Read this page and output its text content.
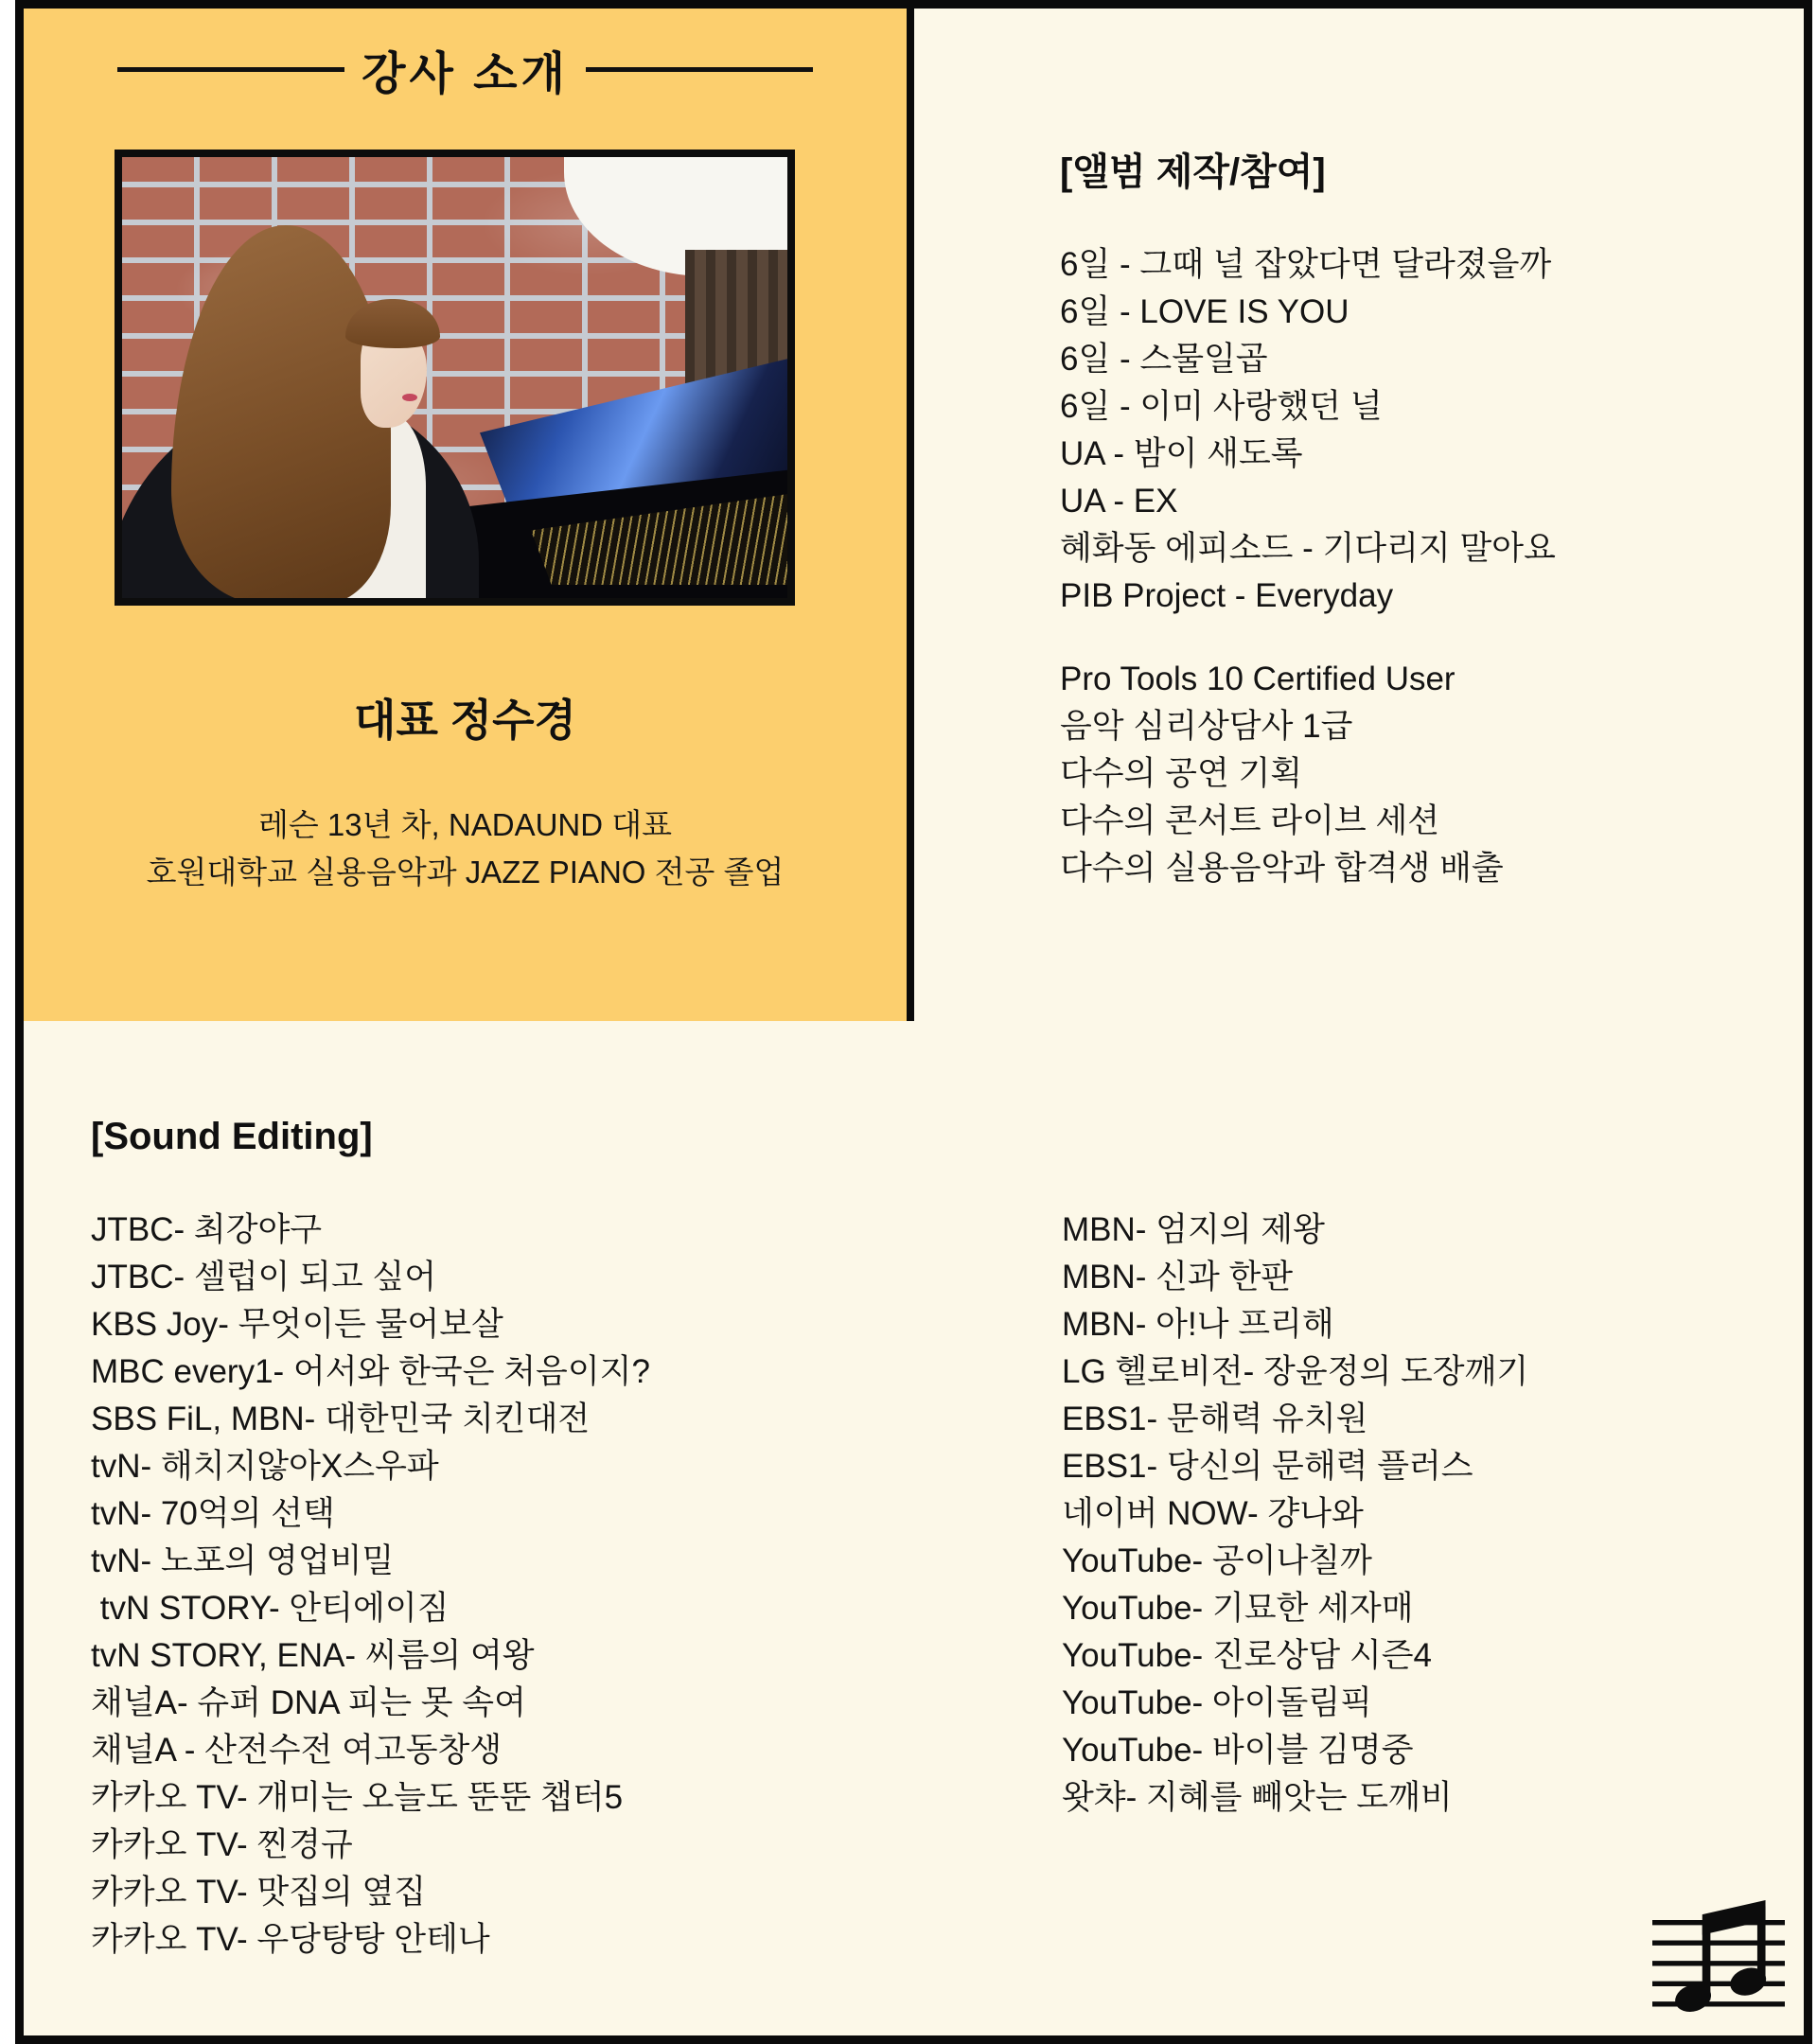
강사 소개
대표 정수경
레슨 13년 차, NADAUND 대표
호원대학교 실용음악과 JAZZ PIANO 전공 졸업
[앨범 제작/참여]
6일 - 그때 널 잡았다면 달라졌을까
6일 - LOVE IS YOU
6일 - 스물일곱
6일 - 이미 사랑했던 널
UA - 밤이 새도록
UA - EX
혜화동 에피소드 - 기다리지 말아요
PIB Project - Everyday
Pro Tools 10 Certified User
음악 심리상담사 1급
다수의 공연 기획
다수의 콘서트 라이브 세션
다수의 실용음악과 합격생 배출
[Sound Editing]
JTBC- 최강야구
JTBC- 셀럽이 되고 싶어
KBS Joy- 무엇이든 물어보살
MBC every1- 어서와 한국은 처음이지?
SBS FiL, MBN- 대한민국 치킨대전
tvN- 해치지않아X스우파
tvN- 70억의 선택
tvN- 노포의 영업비밀
tvN STORY- 안티에이짐
tvN STORY, ENA- 씨름의 여왕
채널A- 슈퍼 DNA 피는 못 속여
채널A - 산전수전 여고동창생
카카오 TV- 개미는 오늘도 뚠뚠 챕터5
카카오 TV- 찐경규
카카오 TV- 맛집의 옆집
카카오 TV- 우당탕탕 안테나
MBN- 엄지의 제왕
MBN- 신과 한판
MBN- 아!나 프리해
LG 헬로비전- 장윤정의 도장깨기
EBS1- 문해력 유치원
EBS1- 당신의 문해력 플러스
네이버 NOW- 걍나와
YouTube- 공이나칠까
YouTube- 기묘한 세자매
YouTube- 진로상담 시즌4
YouTube- 아이돌림픽
YouTube- 바이블 김명중
왓챠- 지혜를 빼앗는 도깨비
